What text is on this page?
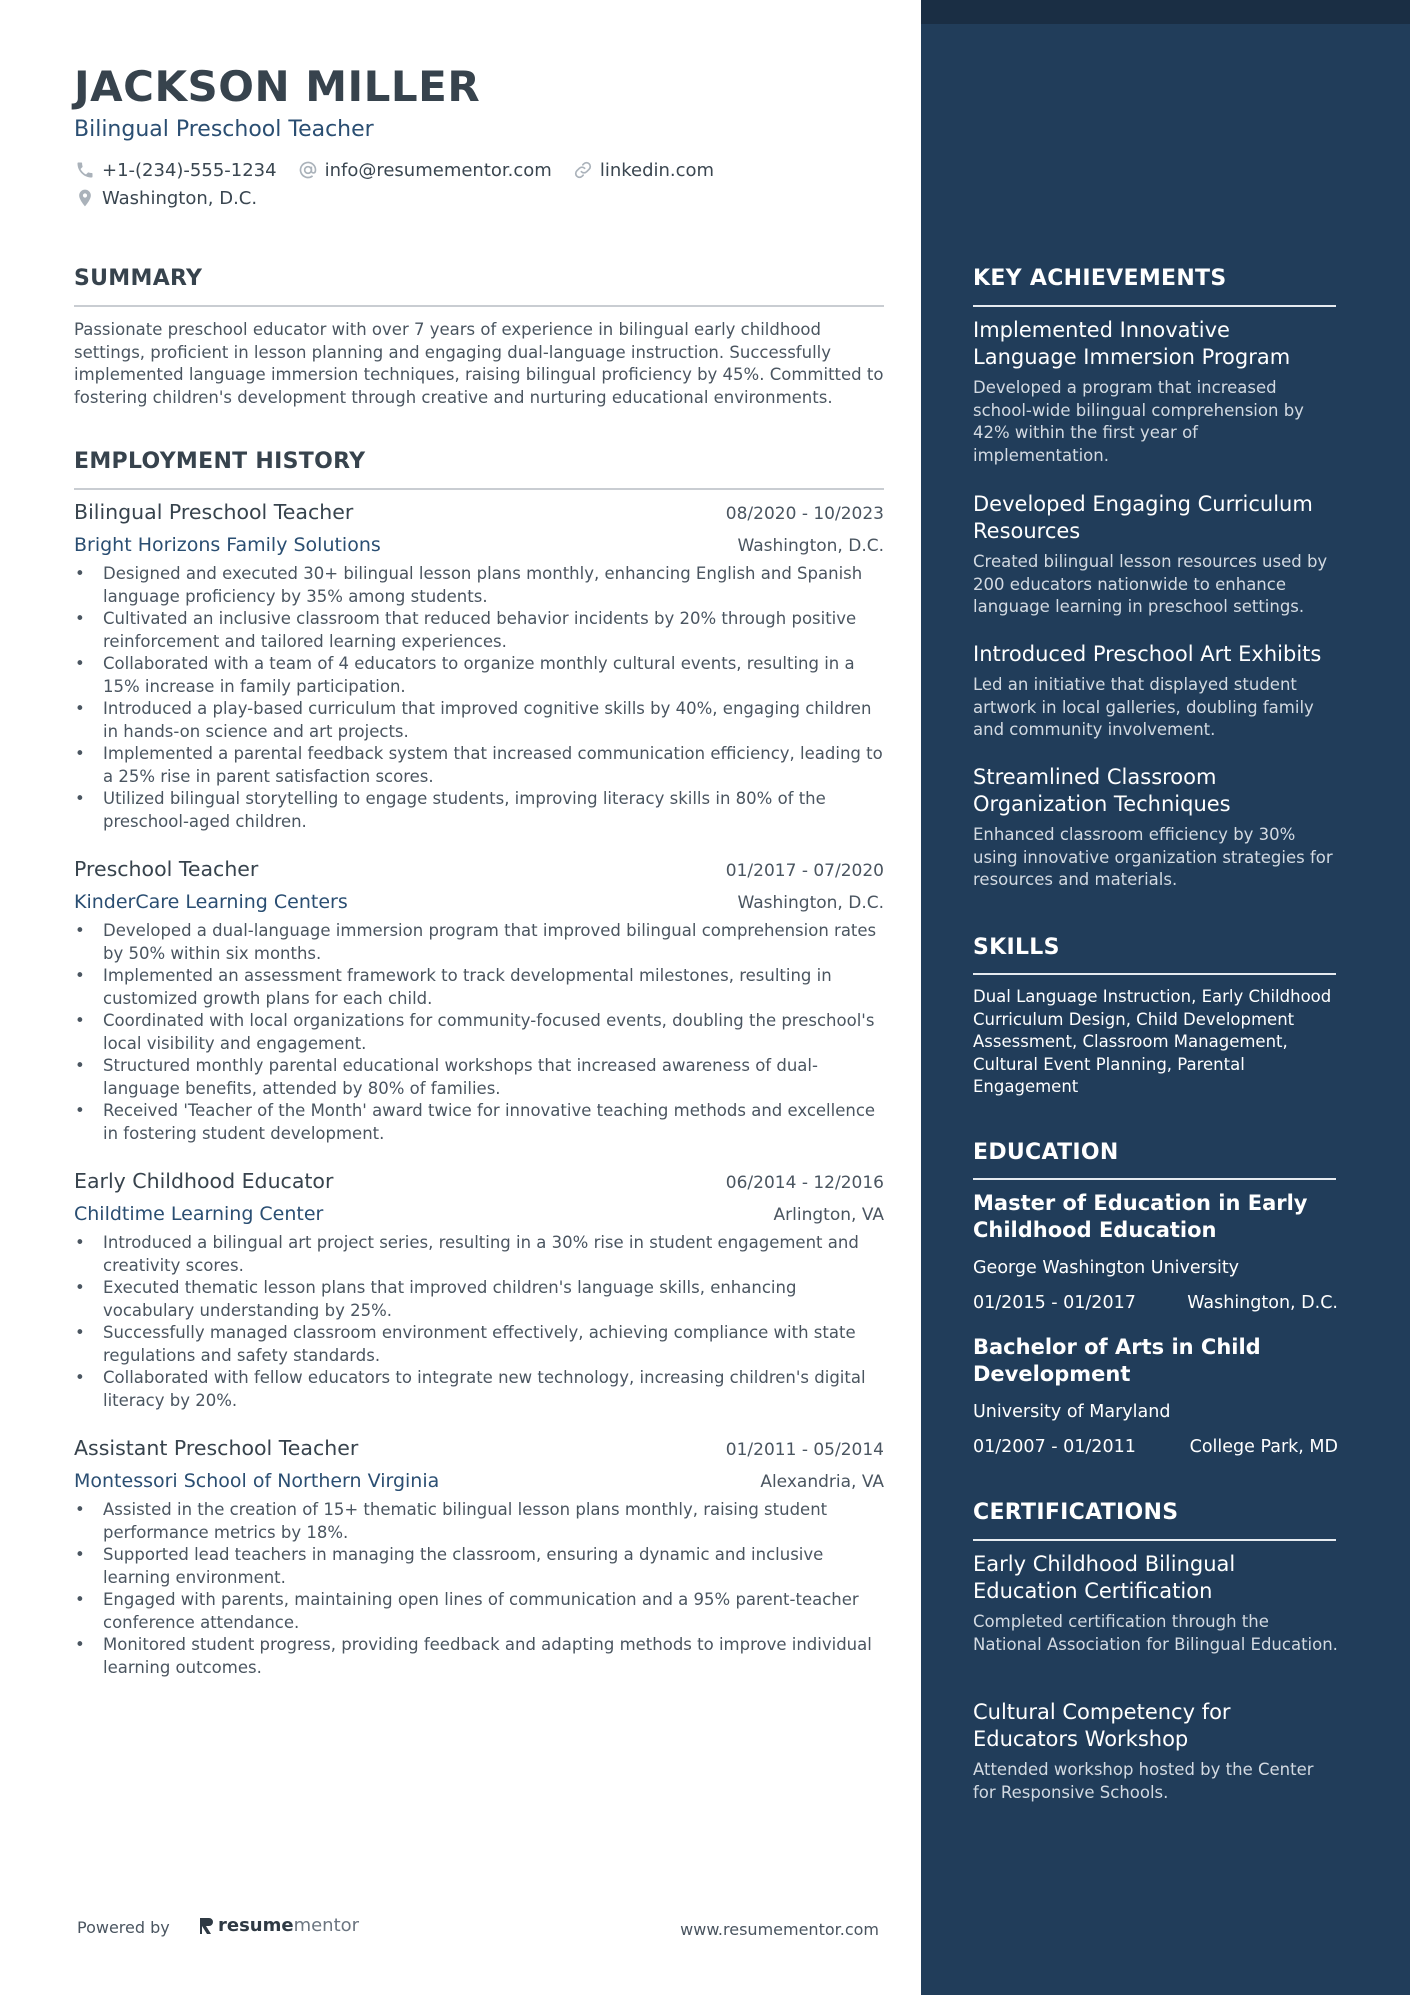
JACKSON MILLER
Bilingual Preschool Teacher
+1-(234)-555-1234	info@resumementor.com	linkedin.com
Washington, D.C.
SUMMARY

Passionate preschool educator with over 7 years of experience in bilingual early childhood settings, proficient in lesson planning and engaging dual-language instruction. Successfully implemented language immersion techniques, raising bilingual proficiency by 45%. Committed to fostering children's development through creative and nurturing educational environments.

EMPLOYMENT HISTORY
Bilingual Preschool Teacher	08/2020 - 10/2023
Bright Horizons Family Solutions	Washington, D.C.
• Designed and executed 30+ bilingual lesson plans monthly, enhancing English and Spanish language proficiency by 35% among students.
• Cultivated an inclusive classroom that reduced behavior incidents by 20% through positive reinforcement and tailored learning experiences.
• Collaborated with a team of 4 educators to organize monthly cultural events, resulting in a 15% increase in family participation.
• Introduced a play-based curriculum that improved cognitive skills by 40%, engaging children in hands-on science and art projects.
• Implemented a parental feedback system that increased communication efficiency, leading to a 25% rise in parent satisfaction scores.
• Utilized bilingual storytelling to engage students, improving literacy skills in 80% of the preschool-aged children.
Preschool Teacher	01/2017 - 07/2020
KinderCare Learning Centers	Washington, D.C.
• Developed a dual-language immersion program that improved bilingual comprehension rates by 50% within six months.
• Implemented an assessment framework to track developmental milestones, resulting in customized growth plans for each child.
• Coordinated with local organizations for community-focused events, doubling the preschool's local visibility and engagement.
• Structured monthly parental educational workshops that increased awareness of dual-language benefits, attended by 80% of families.
• Received 'Teacher of the Month' award twice for innovative teaching methods and excellence in fostering student development.
Early Childhood Educator	06/2014 - 12/2016
Childtime Learning Center	Arlington, VA
• Introduced a bilingual art project series, resulting in a 30% rise in student engagement and creativity scores.
• Executed thematic lesson plans that improved children's language skills, enhancing vocabulary understanding by 25%.
• Successfully managed classroom environment effectively, achieving compliance with state regulations and safety standards.
• Collaborated with fellow educators to integrate new technology, increasing children's digital literacy by 20%.
Assistant Preschool Teacher	01/2011 - 05/2014
Montessori School of Northern Virginia	Alexandria, VA
• Assisted in the creation of 15+ thematic bilingual lesson plans monthly, raising student performance metrics by 18%.
• Supported lead teachers in managing the classroom, ensuring a dynamic and inclusive learning environment.
• Engaged with parents, maintaining open lines of communication and a 95% parent-teacher conference attendance.
• Monitored student progress, providing feedback and adapting methods to improve individual learning outcomes.
Powered by	resume mentor	www.resumementor.com
KEY ACHIEVEMENTS

Implemented Innovative Language Immersion Program

Developed a program that increased school-wide bilingual comprehension by 42% within the first year of implementation.

Developed Engaging Curriculum Resources

Created bilingual lesson resources used by 200 educators nationwide to enhance language learning in preschool settings.

Introduced Preschool Art Exhibits

Led an initiative that displayed student artwork in local galleries, doubling family and community involvement.

Streamlined Classroom Organization Techniques

Enhanced classroom efficiency by 30% using innovative organization strategies for resources and materials.

SKILLS

Dual Language Instruction, Early Childhood Curriculum Design, Child Development Assessment, Classroom Management, Cultural Event Planning, Parental Engagement

EDUCATION

Master of Education in Early Childhood Education

George Washington University
01/2015 - 01/2017	Washington, D.C.

Bachelor of Arts in Child Development

University of Maryland
01/2007 - 01/2011	College Park, MD
CERTIFICATIONS

Early Childhood Bilingual Education Certification

Completed certification through the National Association for Bilingual Education.

Cultural Competency for Educators Workshop

Attended workshop hosted by the Center for Responsive Schools.
